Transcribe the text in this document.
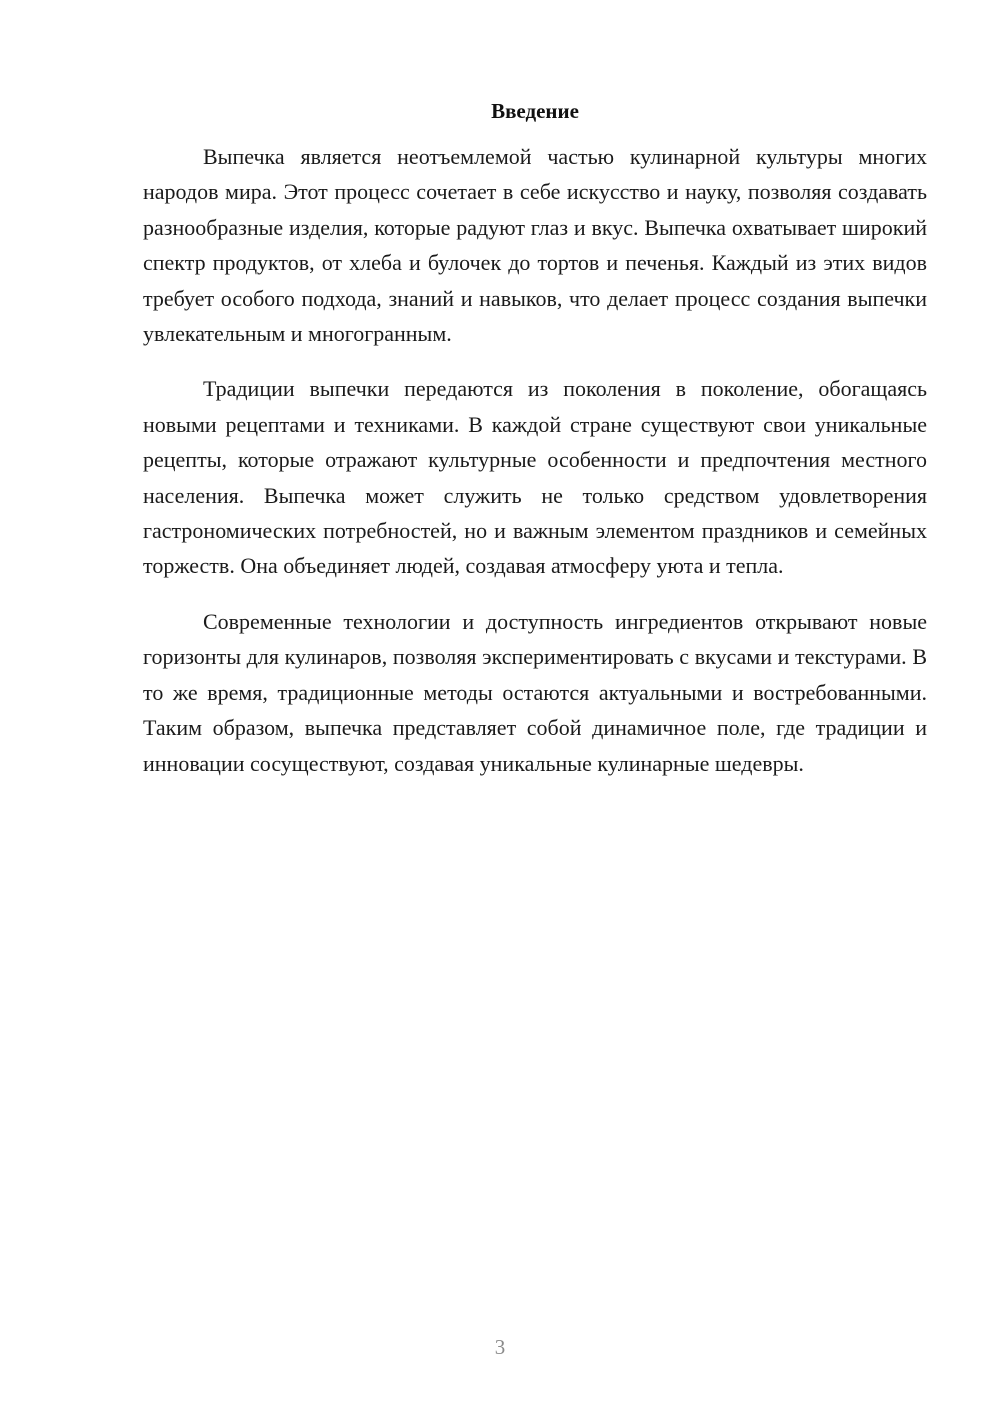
Введение

Выпечка является неотъемлемой частью кулинарной культуры многих народов мира. Этот процесс сочетает в себе искусство и науку, позволяя создавать разнообразные изделия, которые радуют глаз и вкус. Выпечка охватывает широкий спектр продуктов, от хлеба и булочек до тортов и печенья. Каждый из этих видов требует особого подхода, знаний и навыков, что делает процесс создания выпечки увлекательным и многогранным.

Традиции выпечки передаются из поколения в поколение, обогащаясь новыми рецептами и техниками. В каждой стране существуют свои уникальные рецепты, которые отражают культурные особенности и предпочтения местного населения. Выпечка может служить не только средством удовлетворения гастрономических потребностей, но и важным элементом праздников и семейных торжеств. Она объединяет людей, создавая атмосферу уюта и тепла.

Современные технологии и доступность ингредиентов открывают новые горизонты для кулинаров, позволяя экспериментировать с вкусами и текстурами. В то же время, традиционные методы остаются актуальными и востребованными. Таким образом, выпечка представляет собой динамичное поле, где традиции и инновации сосуществуют, создавая уникальные кулинарные шедевры.

3
